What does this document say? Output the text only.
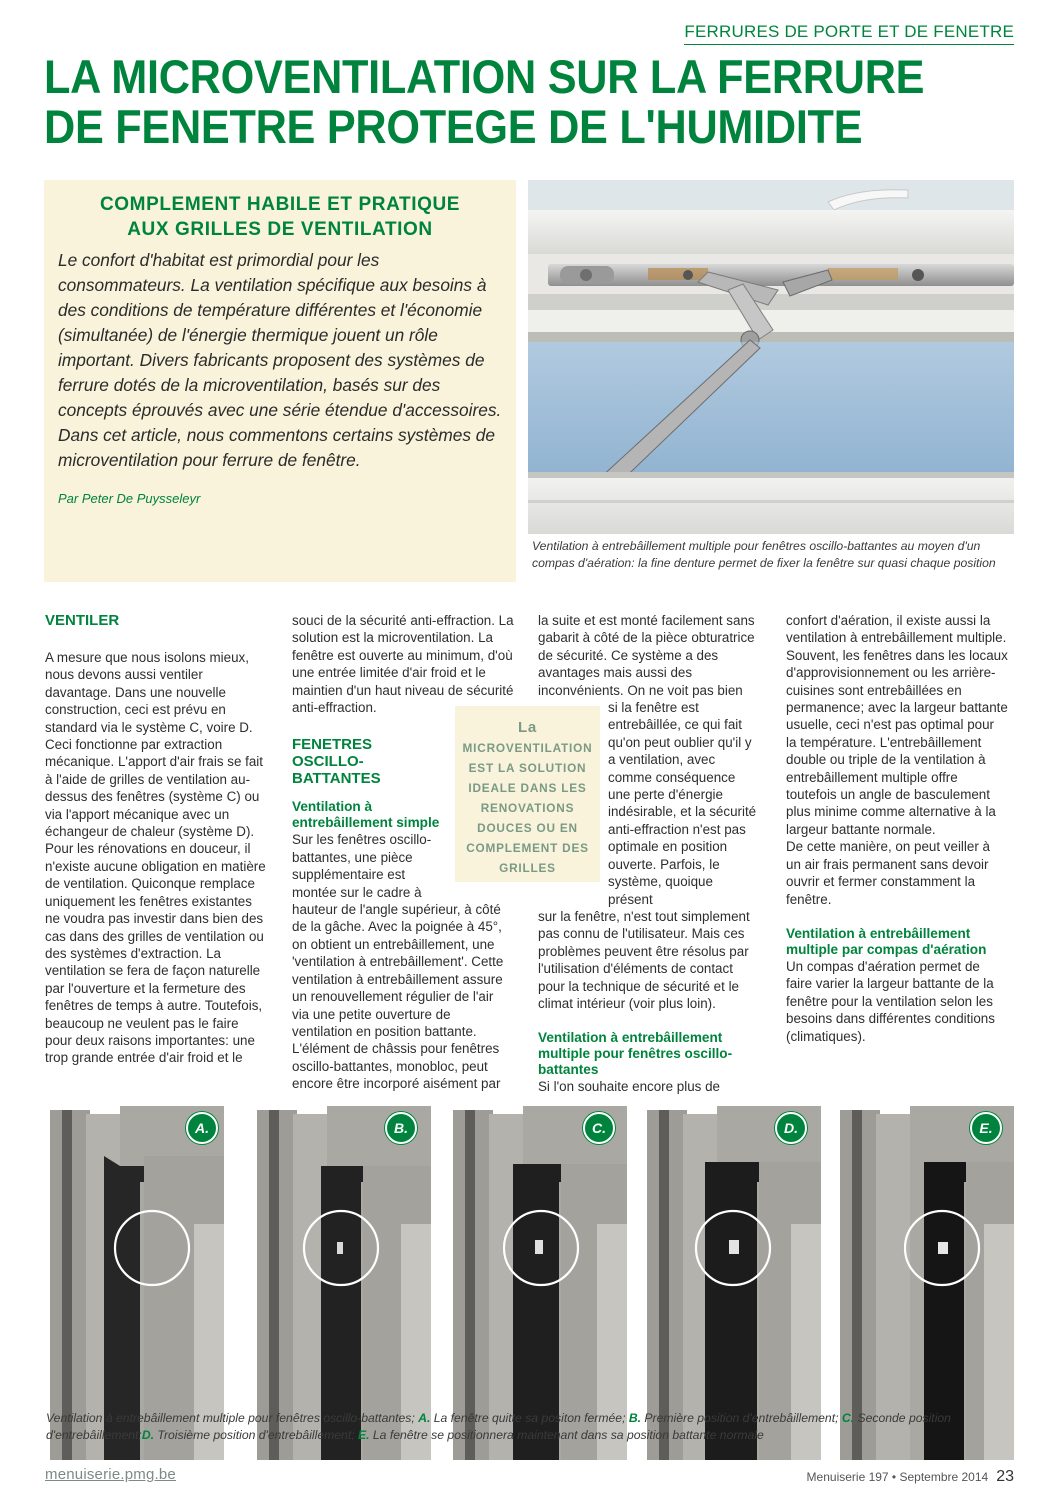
FERRURES DE PORTE ET DE FENETRE
LA MICROVENTILATION SUR LA FERRURE
DE FENETRE PROTEGE DE L'HUMIDITE
COMPLEMENT HABILE ET PRATIQUE
AUX GRILLES DE VENTILATION

Le confort d'habitat est primordial pour les consommateurs. La ventilation spécifique aux besoins à des conditions de température différentes et l'économie (simultanée) de l'énergie thermique jouent un rôle important. Divers fabricants proposent des systèmes de ferrure dotés de la microventilation, basés sur des concepts éprouvés avec une série étendue d'accessoires. Dans cet article, nous commentons certains systèmes de microventilation pour ferrure de fenêtre.

Par Peter De Puysseleyr

Ventilation à entrebâillement multiple pour fenêtres oscillo-battantes au moyen d'un compas d'aération: la fine denture permet de fixer la fenêtre sur quasi chaque position
VENTILER

A mesure que nous isolons mieux, nous devons aussi ventiler davantage. Dans une nouvelle construction, ceci est prévu en standard via le système C, voire D. Ceci fonctionne par extraction mécanique. L'apport d'air frais se fait à l'aide de grilles de ventilation au-dessus des fenêtres (système C) ou via l'apport mécanique avec un échangeur de chaleur (système D). Pour les rénovations en douceur, il n'existe aucune obligation en matière de ventilation. Quiconque remplace uniquement les fenêtres existantes ne voudra pas investir dans bien des cas dans des grilles de ventilation ou des systèmes d'extraction. La ventilation se fera de façon naturelle par l'ouverture et la fermeture des fenêtres de temps à autre. Toutefois, beaucoup ne veulent pas le faire pour deux raisons importantes: une trop grande entrée d'air froid et le

souci de la sécurité anti-effraction. La solution est la microventilation. La fenêtre est ouverte au minimum, d'où une entrée limitée d'air froid et le maintien d'un haut niveau de sécurité anti-effraction.

FENETRES OSCILLO-BATTANTES
Ventilation à entrebâillement simple

Sur les fenêtres oscillo-battantes, une pièce supplémentaire est montée sur le cadre à

hauteur de l'angle supérieur, à côté de la gâche. Avec la poignée à 45°, on obtient un entrebâillement, une 'ventilation à entrebâillement'. Cette ventilation à entrebâillement assure un renouvellement régulier de l'air via une petite ouverture de ventilation en position battante. L'élément de châssis pour fenêtres oscillo-battantes, monobloc, peut encore être incorporé aisément par

la suite et est monté facilement sans gabarit à côté de la pièce obturatrice de sécurité. Ce système a des avantages mais aussi des inconvénients. On ne voit pas bien

si la fenêtre est entrebâillée, ce qui fait qu'on peut oublier qu'il y a ventilation, avec comme conséquence une perte d'énergie indésirable, et la sécurité anti-effraction n'est pas optimale en position ouverte. Parfois, le système, quoique présent

sur la fenêtre, n'est tout simplement pas connu de l'utilisateur. Mais ces problèmes peuvent être résolus par l'utilisation d'éléments de contact pour la technique de sécurité et le climat intérieur (voir plus loin).

Ventilation à entrebâillement multiple pour fenêtres oscillo-battantes

Si l'on souhaite encore plus de

confort d'aération, il existe aussi la ventilation à entrebâillement multiple.

Souvent, les fenêtres dans les locaux d'approvisionnement ou les arrière-cuisines sont entrebâillées en permanence; avec la largeur battante usuelle, ceci n'est pas optimal pour la température. L'entrebâillement double ou triple de la ventilation à entrebâillement multiple offre toutefois un angle de basculement plus minime comme alternative à la largeur battante normale.

De cette manière, on peut veiller à un air frais permanent sans devoir ouvrir et fermer constamment la fenêtre.

Ventilation à entrebâillement multiple par compas d'aération

Un compas d'aération permet de faire varier la largeur battante de la fenêtre pour la ventilation selon les besoins dans différentes conditions (climatiques).

La
MICROVENTILATION EST LA SOLUTION IDEALE DANS LES RENOVATIONS DOUCES OU EN COMPLEMENT DES GRILLES
A.	B.	C.	D.	E.
Ventilation à entrebâillement multiple pour fenêtres oscillo-battantes; A. La fenêtre quitte sa positon fermée; B. Première position d'entrebâillement; C. Seconde position d'entrebâillement;D. Troisième position d'entrebâillement; E. La fenêtre se positionnera maintenant dans sa position battante normale
menuiserie.pmg.be	Menuiserie 197 • Septembre 2014 23
